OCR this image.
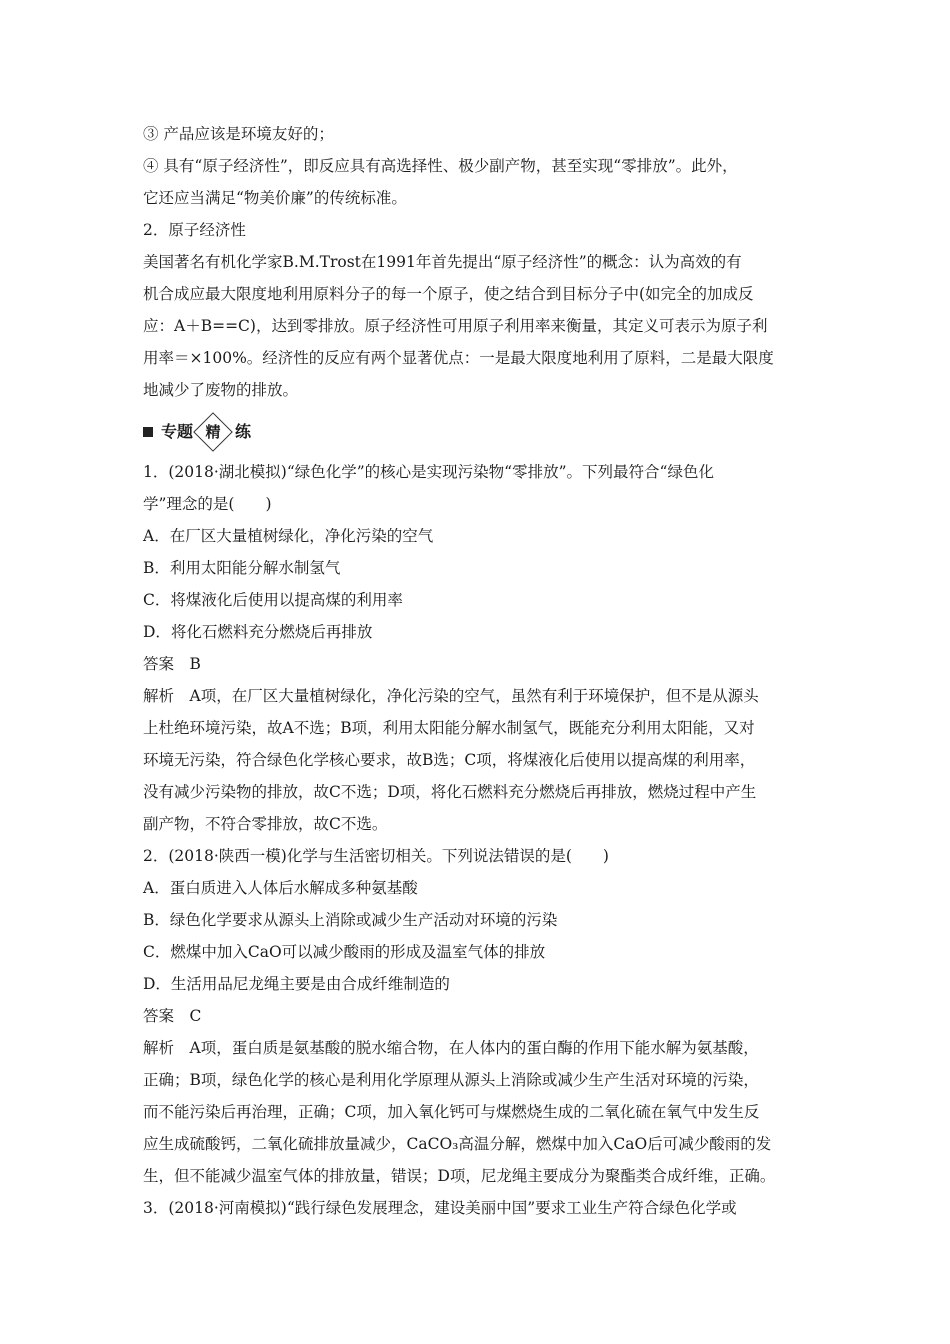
③ 产品应该是环境友好的；

④ 具有“原子经济性”，即反应具有高选择性、极少副产物，甚至实现“零排放”。此外，

它还应当满足“物美价廉”的传统标准。

2．原子经济性

美国著名有机化学家B.M.Trost在1991年首先提出“原子经济性”的概念：认为高效的有

机合成应最大限度地利用原料分子的每一个原子，使之结合到目标分子中(如完全的加成反

应：A＋B==C)，达到零排放。原子经济性可用原子利用率来衡量，其定义可表示为原子利

用率＝×100%。经济性的反应有两个显著优点：一是最大限度地利用了原料，二是最大限度

地减少了废物的排放。

专题 精 练

1．(2018·湖北模拟)“绿色化学”的核心是实现污染物“零排放”。下列最符合“绿色化

学”理念的是(　　)

A．在厂区大量植树绿化，净化污染的空气

B．利用太阳能分解水制氢气

C．将煤液化后使用以提高煤的利用率

D．将化石燃料充分燃烧后再排放

答案　B

解析　A项，在厂区大量植树绿化，净化污染的空气，虽然有利于环境保护，但不是从源头

上杜绝环境污染，故A不选；B项，利用太阳能分解水制氢气，既能充分利用太阳能，又对

环境无污染，符合绿色化学核心要求，故B选；C项，将煤液化后使用以提高煤的利用率，

没有减少污染物的排放，故C不选；D项，将化石燃料充分燃烧后再排放，燃烧过程中产生

副产物，不符合零排放，故C不选。

2．(2018·陕西一模)化学与生活密切相关。下列说法错误的是(　　)

A．蛋白质进入人体后水解成多种氨基酸

B．绿色化学要求从源头上消除或减少生产活动对环境的污染

C．燃煤中加入CaO可以减少酸雨的形成及温室气体的排放

D．生活用品尼龙绳主要是由合成纤维制造的

答案　C

解析　A项，蛋白质是氨基酸的脱水缩合物，在人体内的蛋白酶的作用下能水解为氨基酸，

正确；B项，绿色化学的核心是利用化学原理从源头上消除或减少生产生活对环境的污染，

而不能污染后再治理，正确；C项，加入氧化钙可与煤燃烧生成的二氧化硫在氧气中发生反

应生成硫酸钙，二氧化硫排放量减少，CaCO₃高温分解，燃煤中加入CaO后可减少酸雨的发

生，但不能减少温室气体的排放量，错误；D项，尼龙绳主要成分为聚酯类合成纤维，正确。

3．(2018·河南模拟)“践行绿色发展理念，建设美丽中国”要求工业生产符合绿色化学或
